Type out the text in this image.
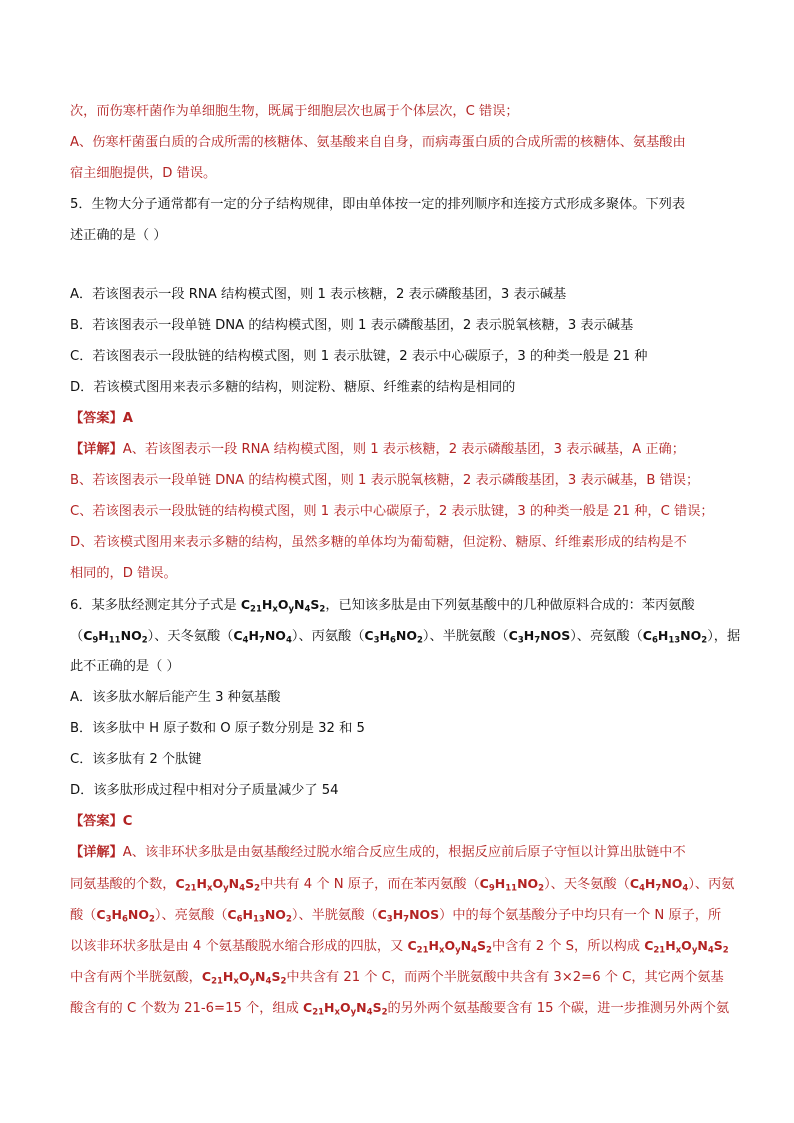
次，而伤寒杆菌作为单细胞生物，既属于细胞层次也属于个体层次，C 错误；
A、伤寒杆菌蛋白质的合成所需的核糖体、氨基酸来自自身，而病毒蛋白质的合成所需的核糖体、氨基酸由
宿主细胞提供，D 错误。
5．生物大分子通常都有一定的分子结构规律，即由单体按一定的排列顺序和连接方式形成多聚体。下列表
述正确的是（ ）
A．若该图表示一段 RNA 结构模式图，则 1 表示核糖，2 表示磷酸基团，3 表示碱基
B．若该图表示一段单链 DNA 的结构模式图，则 1 表示磷酸基团，2 表示脱氧核糖，3 表示碱基
C．若该图表示一段肽链的结构模式图，则 1 表示肽键，2 表示中心碳原子，3 的种类一般是 21 种
D．若该模式图用来表示多糖的结构，则淀粉、糖原、纤维素的结构是相同的
【答案】A
【详解】A、若该图表示一段 RNA 结构模式图，则 1 表示核糖，2 表示磷酸基团，3 表示碱基，A 正确；
B、若该图表示一段单链 DNA 的结构模式图，则 1 表示脱氧核糖，2 表示磷酸基团，3 表示碱基，B 错误；
C、若该图表示一段肽链的结构模式图，则 1 表示中心碳原子，2 表示肽键，3 的种类一般是 21 种，C 错误；
D、若该模式图用来表示多糖的结构，虽然多糖的单体均为葡萄糖，但淀粉、糖原、纤维素形成的结构是不
相同的，D 错误。
6．某多肽经测定其分子式是 $C_{21}H_xO_yN_4S_2$，已知该多肽是由下列氨基酸中的几种做原料合成的：苯丙氨酸
$(C_9H_{11}NO_2)$、天冬氨酸$(C_4H_7NO_4)$、丙氨酸$(C_3H_6NO_2)$、半胱氨酸$(C_3H_7NOS)$、亮氨酸$(C_6H_{13}NO_2)$，据
此不正确的是（ ）
A．该多肽水解后能产生 3 种氨基酸
B．该多肽中 H 原子数和 O 原子数分别是 32 和 5
C．该多肽有 2 个肽键
D．该多肽形成过程中相对分子质量减少了 54
【答案】C
【详解】A、该非环状多肽是由氨基酸经过脱水缩合反应生成的，根据反应前后原子守恒以计算出肽链中不
同氨基酸的个数，$C_{21}H_xO_yN_4S_2$中共有 4 个 N 原子，而在苯丙氨酸$(C_9H_{11}NO_2)$、天冬氨酸$(C_4H_7NO_4)$、丙氨
酸$(C_3H_6NO_2)$、亮氨酸$(C_6H_{13}NO_2)$、半胱氨酸$(C_3H_7NOS)$中的每个氨基酸分子中均只有一个 N 原子，所
以该非环状多肽是由 4 个氨基酸脱水缩合形成的四肽，又 $C_{21}H_xO_yN_4S_2$中含有 2 个 S，所以构成 $C_{21}H_xO_yN_4S_2$
中含有两个半胱氨酸，$C_{21}H_xO_yN_4S_2$中共含有 21 个 C，而两个半胱氨酸中共含有 3×2=6 个 C，其它两个氨基
酸含有的 C 个数为 21-6=15 个，组成 $C_{21}H_xO_yN_4S_2$的另外两个氨基酸要含有 15 个碳，进一步推测另外两个氨
